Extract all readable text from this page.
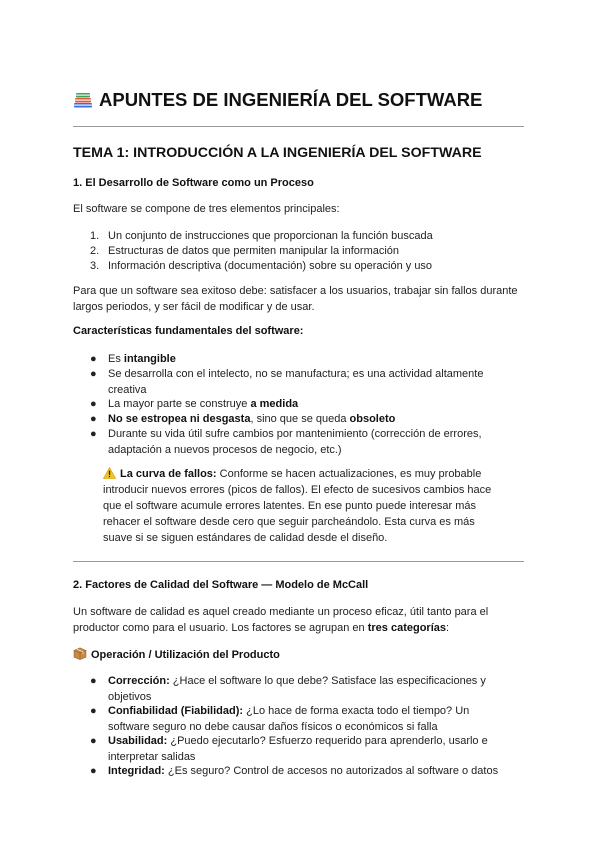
APUNTES DE INGENIERÍA DEL SOFTWARE
TEMA 1: INTRODUCCIÓN A LA INGENIERÍA DEL SOFTWARE
1. El Desarrollo de Software como un Proceso

El software se compone de tres elementos principales:

1. Un conjunto de instrucciones que proporcionan la función buscada
2. Estructuras de datos que permiten manipular la información
3. Información descriptiva (documentación) sobre su operación y uso

Para que un software sea exitoso debe: satisfacer a los usuarios, trabajar sin fallos durante largos periodos, y ser fácil de modificar y de usar.

Características fundamentales del software:
● Es intangible
● Se desarrolla con el intelecto, no se manufactura; es una actividad altamente creativa
● La mayor parte se construye a medida
● No se estropea ni desgasta, sino que se queda obsoleto
● Durante su vida útil sufre cambios por mantenimiento (corrección de errores, adaptación a nuevos procesos de negocio, etc.)

La curva de fallos: Conforme se hacen actualizaciones, es muy probable introducir nuevos errores (picos de fallos). El efecto de sucesivos cambios hace que el software acumule errores latentes. En ese punto puede interesar más rehacer el software desde cero que seguir parcheándolo. Esta curva es más suave si se siguen estándares de calidad desde el diseño.

2. Factores de Calidad del Software — Modelo de McCall

Un software de calidad es aquel creado mediante un proceso eficaz, útil tanto para el productor como para el usuario. Los factores se agrupan en tres categorías:

Operación / Utilización del Producto
● Corrección: ¿Hace el software lo que debe? Satisface las especificaciones y objetivos
● Confiabilidad (Fiabilidad): ¿Lo hace de forma exacta todo el tiempo? Un software seguro no debe causar daños físicos o económicos si falla
● Usabilidad: ¿Puedo ejecutarlo? Esfuerzo requerido para aprenderlo, usarlo e interpretar salidas
● Integridad: ¿Es seguro? Control de accesos no autorizados al software o datos
